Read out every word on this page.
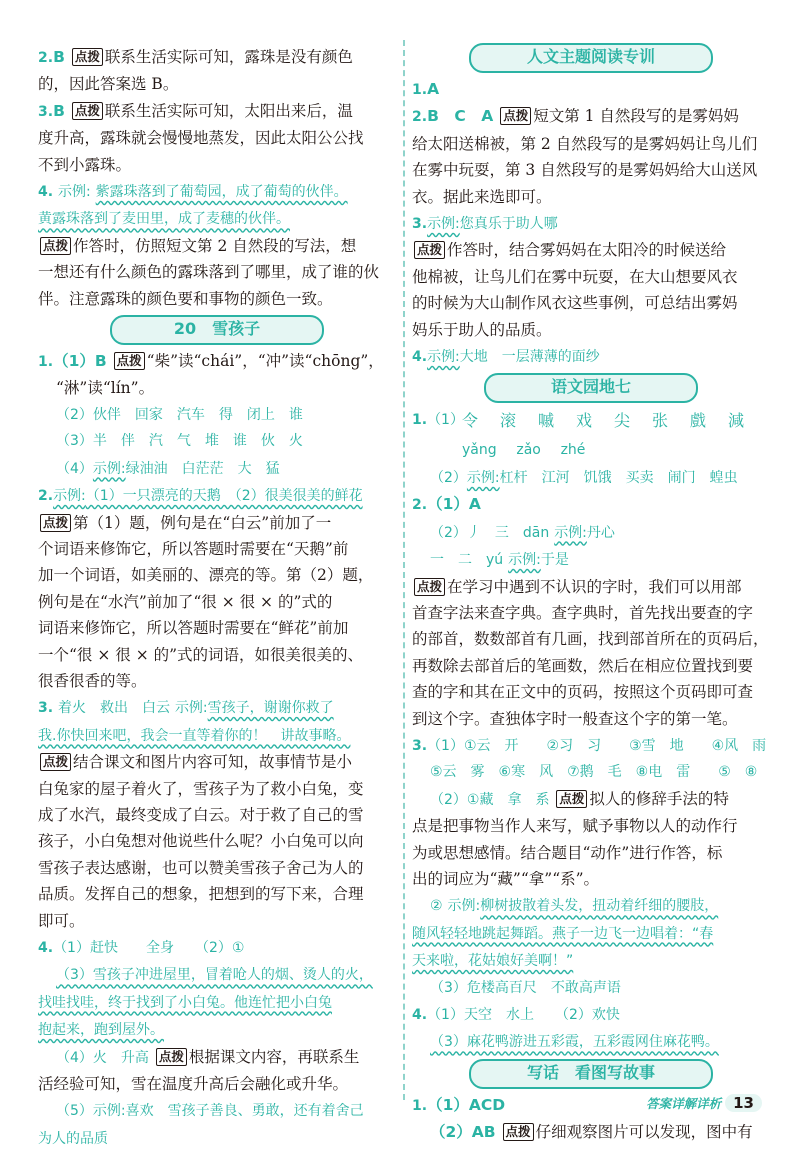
2.B 点拨 联系生活实际可知，露珠是没有颜色
的，因此答案选 B。
3.B 点拨 联系生活实际可知，太阳出来后，温
度升高，露珠就会慢慢地蒸发，因此太阳公公找
不到小露珠。
4. 示例: 紫露珠落到了葡萄园，成了葡萄的伙伴。
黄露珠落到了麦田里，成了麦穗的伙伴。
点拨 作答时，仿照短文第 2 自然段的写法，想
一想还有什么颜色的露珠落到了哪里，成了谁的伙
伴。注意露珠的颜色要和事物的颜色一致。
20　雪孩子
1.（1）B 点拨 “柴”读“chái”，“冲”读“chōng”，
“淋”读“lín”。
（2）伙伴　回家　汽车　得　闭上　谁
（3）半　伴　汽　气　堆　谁　伙　火
（4）示例:绿油油　白茫茫　大　猛
2.示例:（1）一只漂亮的天鹅　（2）很美很美的鲜花
点拨 第（1）题，例句是在“白云”前加了一
个词语来修饰它，所以答题时需要在“天鹅”前
加一个词语，如美丽的、漂亮的等。第（2）题，
例句是在“水汽”前加了“很 × 很 × 的”式的
词语来修饰它，所以答题时需要在“鲜花”前加
一个“很 × 很 × 的”式的词语，如很美很美的、
很香很香的等。
3. 着火　救出　白云 示例:雪孩子，谢谢你救了
我.你快回来吧，我会一直等着你的！　讲故事略。
点拨 结合课文和图片内容可知，故事情节是小
白兔家的屋子着火了，雪孩子为了救小白兔，变
成了水汽，最终变成了白云。对于救了自己的雪
孩子，小白兔想对他说些什么呢？小白兔可以向
雪孩子表达感谢，也可以赞美雪孩子舍己为人的
品质。发挥自己的想象，把想到的写下来，合理
即可。
4.（1）赶快　　全身　　（2）①
（3）雪孩子冲进屋里，冒着呛人的烟、烫人的火，
找哇找哇，终于找到了小白兔。他连忙把小白兔
抱起来，跑到屋外。
（4）火　升高 点拨 根据课文内容，再联系生
活经验可知，雪在温度升高后会融化或升华。
（5）示例:喜欢　雪孩子善良、勇敢，还有着舍己
为人的品质
人文主题阅读专训
1.A
2.B　C　A 点拨 短文第 1 自然段写的是雾妈妈
给太阳送棉被，第 2 自然段写的是雾妈妈让鸟儿们
在雾中玩耍，第 3 自然段写的是雾妈妈给大山送风
衣。据此来选即可。
3.示例:您真乐于助人哪
点拨 作答时，结合雾妈妈在太阳冷的时候送给
他棉被，让鸟儿们在雾中玩耍，在大山想要风衣
的时候为大山制作风衣这些事例，可总结出雾妈
妈乐于助人的品质。
4.示例:大地　一层薄薄的面纱
语文园地七
1.（1）
令 滚 嘁 戏 尖 张 戲 減
yǎng zǎo zhé
（2）示例:杠杆　江河　饥饿　买卖　闹门　蝗虫
2.（1）A
（2）丿　三　dān 示例:丹心
一　二　yú 示例:于是
点拨 在学习中遇到不认识的字时，我们可以用部
首查字法来查字典。查字典时，首先找出要查的字
的部首，数数部首有几画，找到部首所在的页码后，
再数除去部首后的笔画数，然后在相应位置找到要
查的字和其在正文中的页码，按照这个页码即可查
到这个字。查独体字时一般查这个字的第一笔。
3.（1）①云　开　　②习　习　　③雪　地　　④风　雨
⑤云　雾　⑥寒　风　⑦鹅　毛　⑧电　雷　　⑤　⑧
（2）①藏　拿　系 点拨 拟人的修辞手法的特
点是把事物当作人来写，赋予事物以人的动作行
为或思想感情。结合题目“动作”进行作答，标
出的词应为“藏”“拿”“系”。
② 示例:柳树披散着头发，扭动着纤细的腰肢，
随风轻轻地跳起舞蹈。燕子一边飞一边唱着：“春
天来啦，花姑娘好美啊！”
（3）危楼高百尺　不敢高声语
4.（1）天空　水上　　（2）欢快
（3）麻花鸭游进五彩霞，五彩霞网住麻花鸭。
写话　看图写故事
1.（1）ACD
（2）AB 点拨 仔细观察图片可以发现，图中有
答案详解详析 13
